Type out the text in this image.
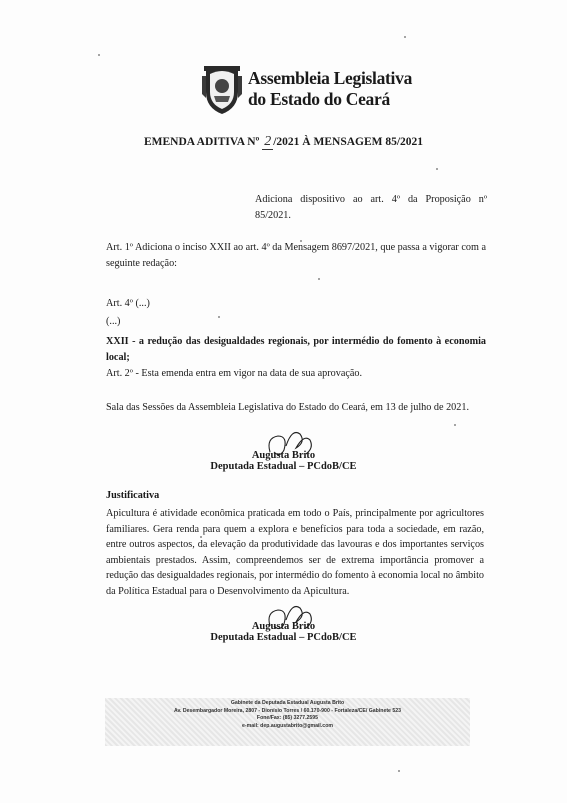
Assembleia Legislativa
do Estado do Ceará
EMENDA ADITIVA Nº 2 /2021 À MENSAGEM 85/2021
Adiciona dispositivo ao art. 4º da Proposição nº 85/2021.
Art. 1º Adiciona o inciso XXII ao art. 4º da Mensagem 8697/2021, que passa a vigorar com a seguinte redação:
Art. 4º (...)
(...)
XXII - a redução das desigualdades regionais, por intermédio do fomento à economia local;
Art. 2º - Esta emenda entra em vigor na data de sua aprovação.
Sala das Sessões da Assembleia Legislativa do Estado do Ceará, em 13 de julho de 2021.
Augusta Brito
Deputada Estadual – PCdoB/CE
Justificativa
Apicultura é atividade econômica praticada em todo o País, principalmente por agricultores familiares. Gera renda para quem a explora e benefícios para toda a sociedade, em razão, entre outros aspectos, da elevação da produtividade das lavouras e dos importantes serviços ambientais prestados. Assim, compreendemos ser de extrema importância promover a redução das desigualdades regionais, por intermédio do fomento à economia local no âmbito da Política Estadual para o Desenvolvimento da Apicultura.
Augusta Brito
Deputada Estadual – PCdoB/CE
Gabinete da Deputada Estadual Augusta Brito
Av. Desembargador Moreira, 2807 - Dionísio Torres / 60.170-900 - Fortaleza/CE/ Gabinete 523
Fone/Fax: (85) 3277.2595
e-mail: dep.augustabrito@gmail.com
